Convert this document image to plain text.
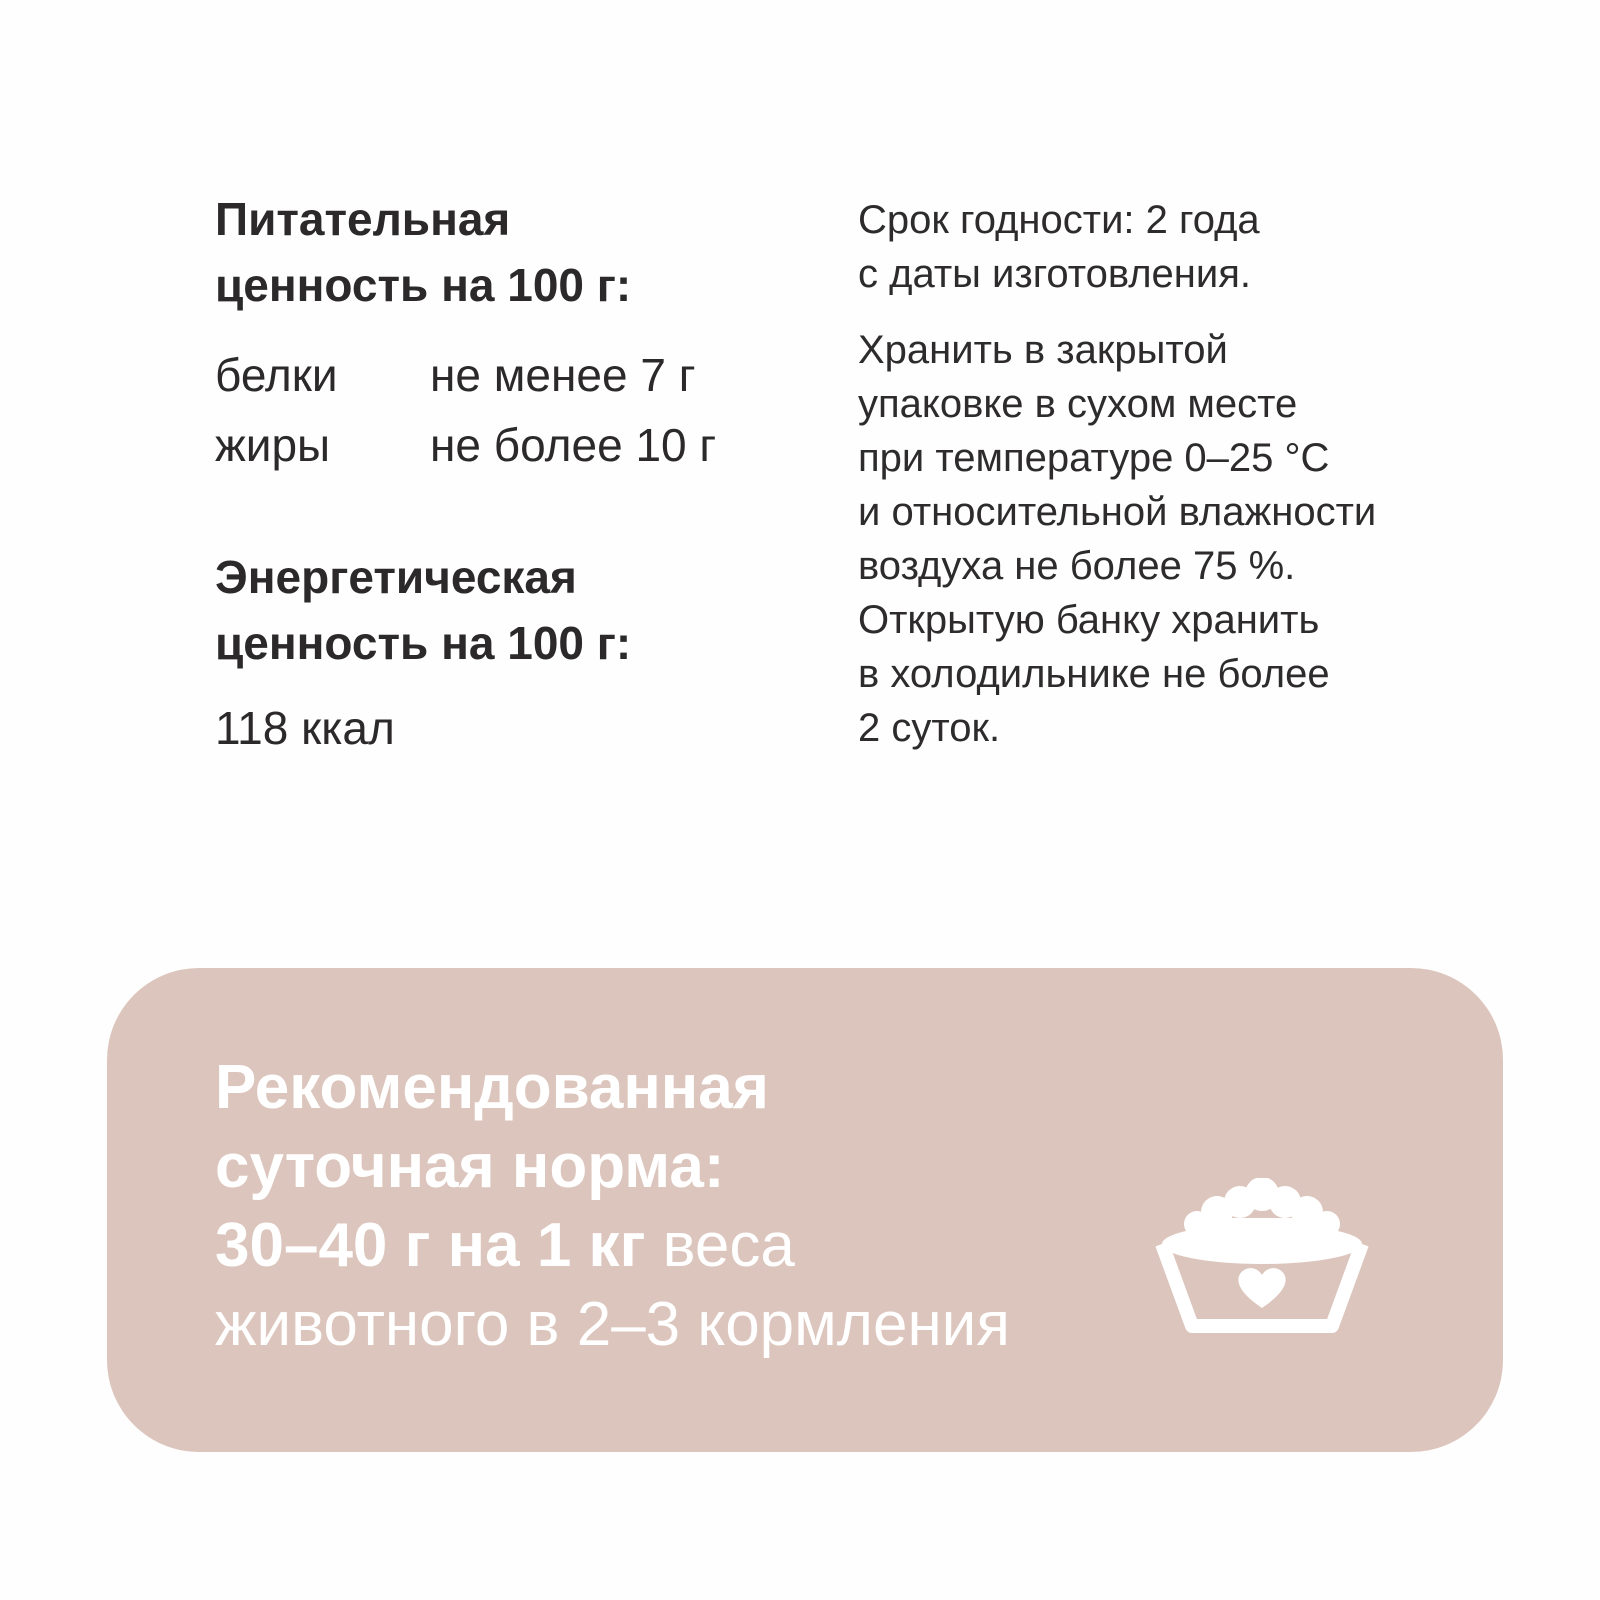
Питательная
ценность на 100 г:
белки	не менее 7 г
жиры	не более 10 г
Энергетическая
ценность на 100 г:
118 ккал

Срок годности: 2 года
с даты изготовления.

Хранить в закрытой
упаковке в сухом месте
при температуре 0–25 °С
и относительной влажности
воздуха не более 75 %.
Открытую банку хранить
в холодильнике не более
2 суток.

Рекомендованная
суточная норма:
30–40 г на 1 кг веса
животного в 2–3 кормления
